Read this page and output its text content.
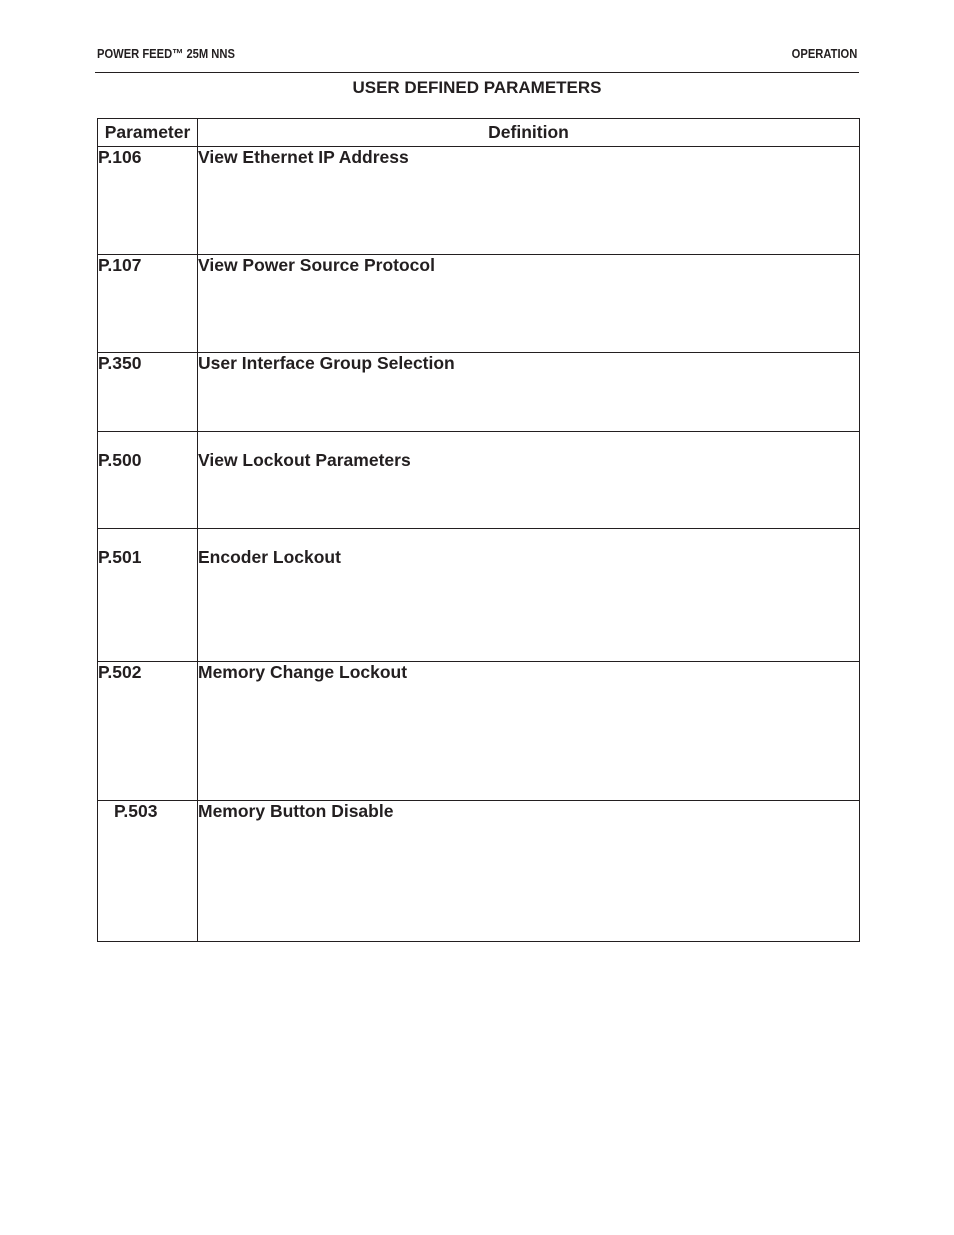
POWER FEED™ 25M NNS	OPERATION
USER DEFINED PARAMETERS
Parameter	Definition
P.106	View Ethernet IP Address
P.107	View Power Source Protocol
P.350	User Interface Group Selection
P.500	View Lockout Parameters
P.501	Encoder Lockout
P.502	Memory Change Lockout
P.503	Memory Button Disable
